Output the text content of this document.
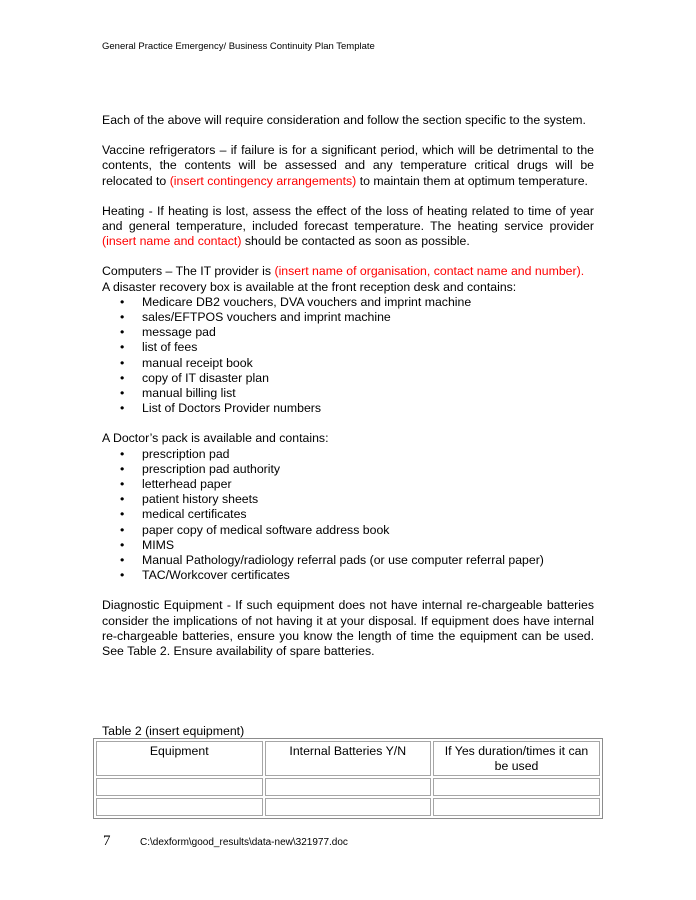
General Practice Emergency/ Business Continuity Plan Template

Each of the above will require consideration and follow the section specific to the system.

Vaccine refrigerators – if failure is for a significant period, which will be detrimental to the contents, the contents will be assessed and any temperature critical drugs will be relocated to (insert contingency arrangements) to maintain them at optimum temperature.

Heating - If heating is lost, assess the effect of the loss of heating related to time of year and general temperature, included forecast temperature. The heating service provider (insert name and contact) should be contacted as soon as possible.

Computers – The IT provider is (insert name of organisation, contact name and number).
A disaster recovery box is available at the front reception desk and contains:

• Medicare DB2 vouchers, DVA vouchers and imprint machine
• sales/EFTPOS vouchers and imprint machine
• message pad
• list of fees
• manual receipt book
• copy of IT disaster plan
• manual billing list
• List of Doctors Provider numbers

A Doctor’s pack is available and contains:

• prescription pad
• prescription pad authority
• letterhead paper
• patient history sheets
• medical certificates
• paper copy of medical software address book
• MIMS
• Manual Pathology/radiology referral pads (or use computer referral paper)
• TAC/Workcover certificates

Diagnostic Equipment - If such equipment does not have internal re-chargeable batteries consider the implications of not having it at your disposal. If equipment does have internal re-chargeable batteries, ensure you know the length of time the equipment can be used. See Table 2. Ensure availability of spare batteries.

Table 2 (insert equipment)
Equipment	Internal Batteries Y/N	If Yes duration/times it can be used

7	C:\dexform\good_results\data-new\321977.doc
